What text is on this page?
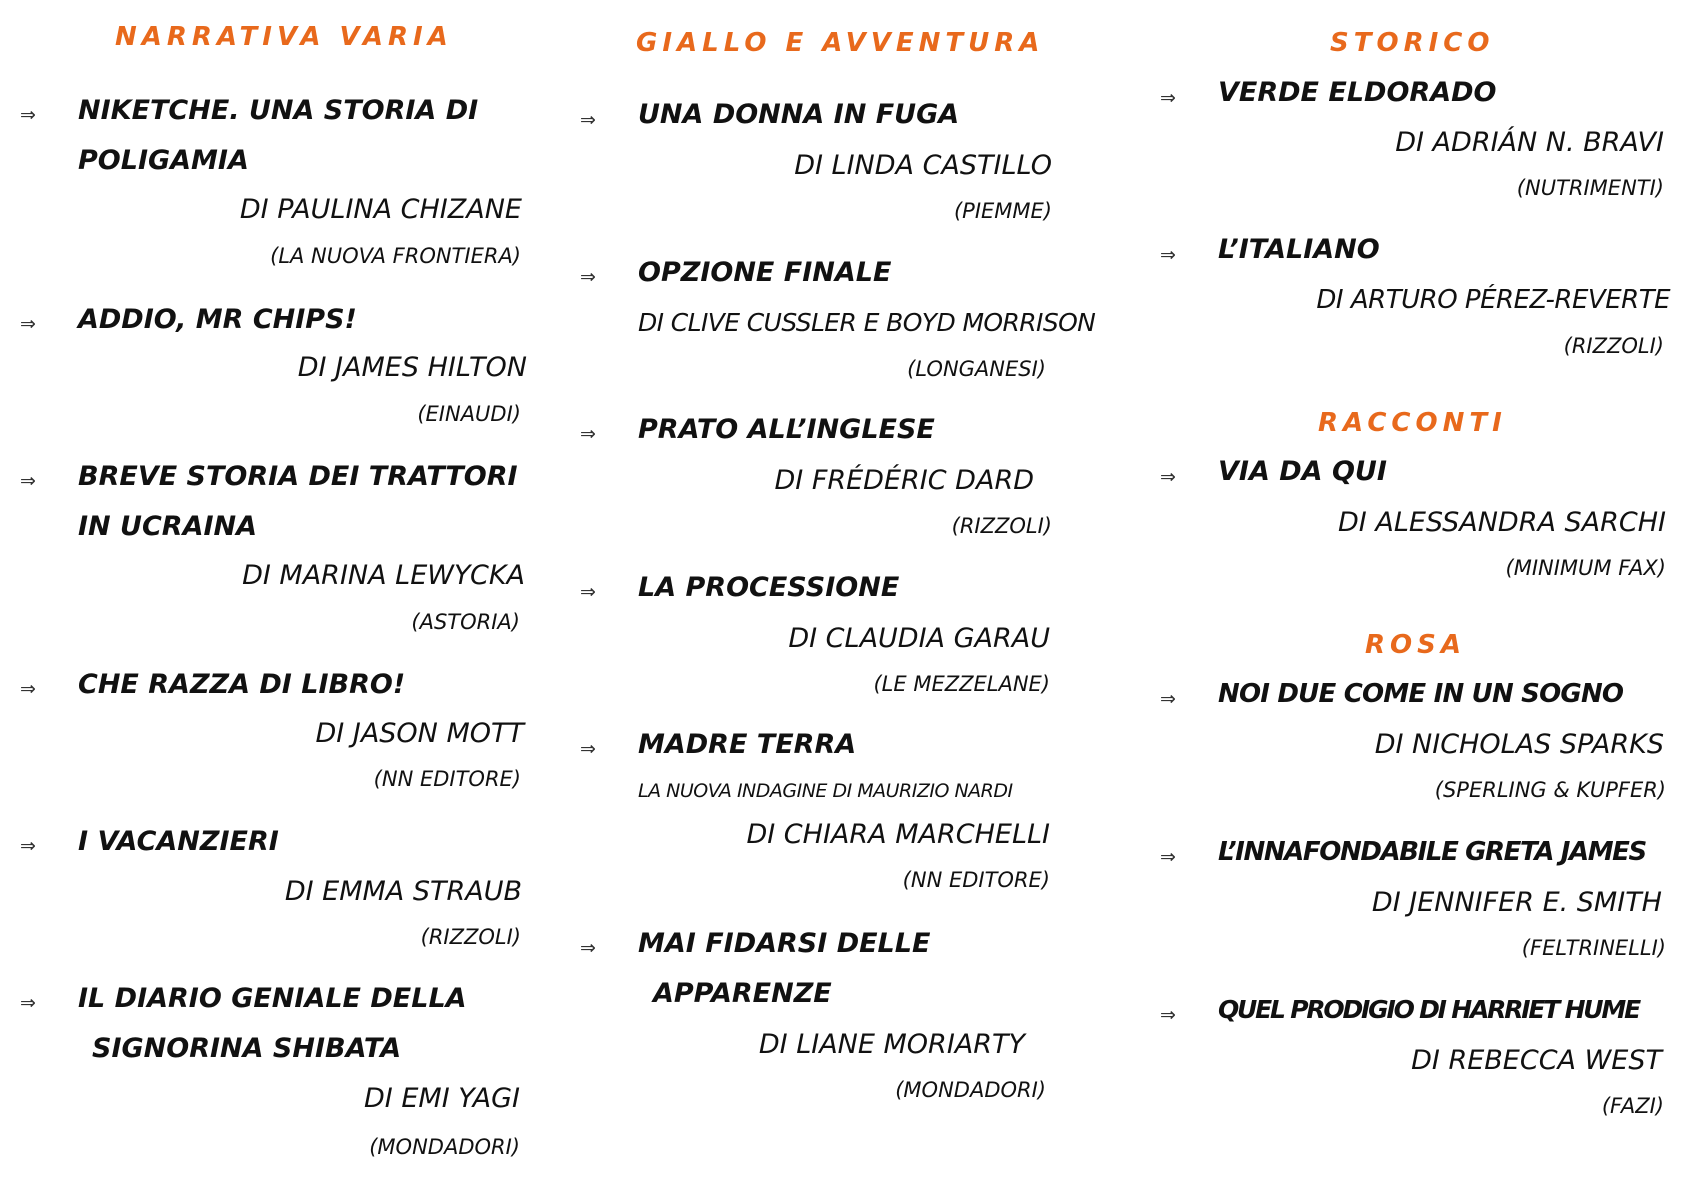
NARRATIVA VARIA
⇒ NIKETCHE. UNA STORIA DI
POLIGAMIA
DI PAULINA CHIZANE
(LA NUOVA FRONTIERA)
⇒ ADDIO, MR CHIPS!
DI JAMES HILTON
(EINAUDI)
⇒ BREVE STORIA DEI TRATTORI
IN UCRAINA
DI MARINA LEWYCKA
(ASTORIA)
⇒ CHE RAZZA DI LIBRO!
DI JASON MOTT
(NN EDITORE)
⇒ I VACANZIERI
DI EMMA STRAUB
(RIZZOLI)
⇒ IL DIARIO GENIALE DELLA
SIGNORINA SHIBATA
DI EMI YAGI
(MONDADORI)
GIALLO E AVVENTURA
⇒ UNA DONNA IN FUGA
DI LINDA CASTILLO
(PIEMME)
⇒ OPZIONE FINALE
DI CLIVE CUSSLER E BOYD MORRISON
(LONGANESI)
⇒ PRATO ALL’INGLESE
DI FRÉDÉRIC DARD
(RIZZOLI)
⇒ LA PROCESSIONE
DI CLAUDIA GARAU
(LE MEZZELANE)
⇒ MADRE TERRA
LA NUOVA INDAGINE DI MAURIZIO NARDI
DI CHIARA MARCHELLI
(NN EDITORE)
⇒ MAI FIDARSI DELLE
APPARENZE
DI LIANE MORIARTY
(MONDADORI)
STORICO
⇒ VERDE ELDORADO
DI ADRIÁN N. BRAVI
(NUTRIMENTI)
⇒ L’ITALIANO
DI ARTURO PÉREZ-REVERTE
(RIZZOLI)
RACCONTI
⇒ VIA DA QUI
DI ALESSANDRA SARCHI
(MINIMUM FAX)
ROSA
⇒ NOI DUE COME IN UN SOGNO
DI NICHOLAS SPARKS
(SPERLING & KUPFER)
⇒ L’INNAFONDABILE GRETA JAMES
DI JENNIFER E. SMITH
(FELTRINELLI)
⇒ QUEL PRODIGIO DI HARRIET HUME
DI REBECCA WEST
(FAZI)
